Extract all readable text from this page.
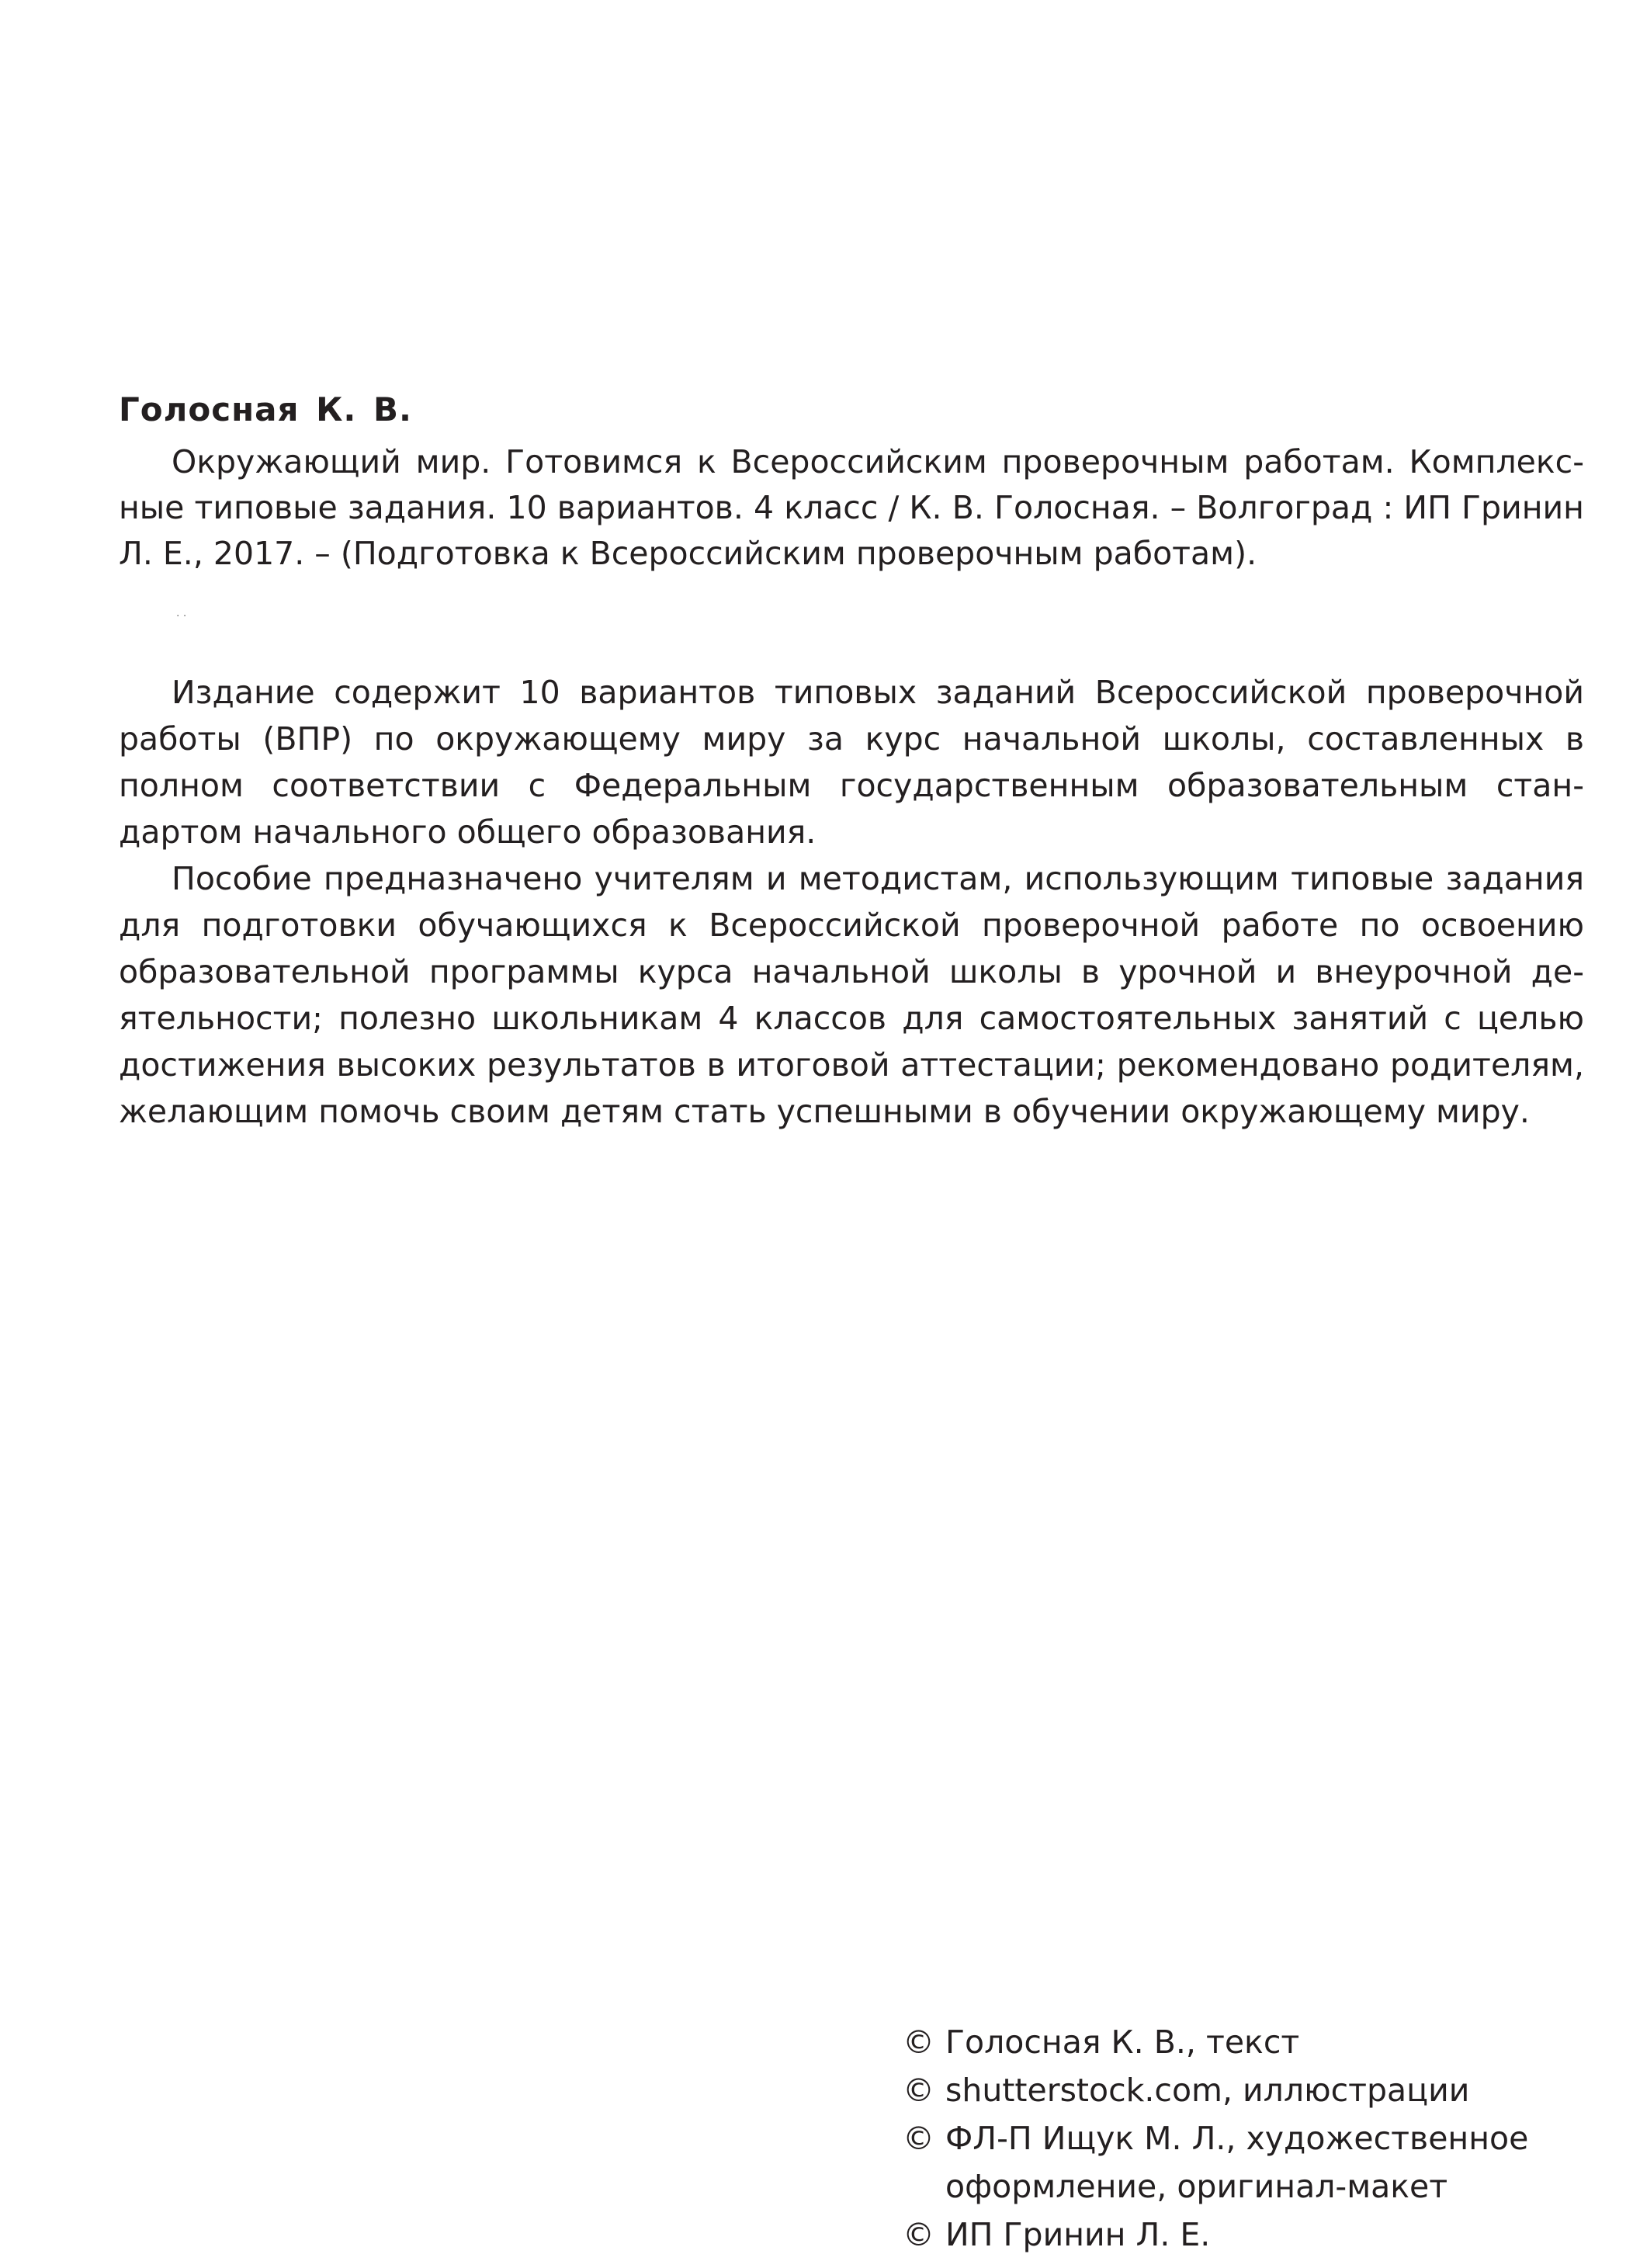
Голосная К. В.
Окружающий мир. Готовимся к Всероссийским проверочным работам. Комплексные типовые задания. 10 вариантов. 4 класс / К. В. Голосная. – Волгоград : ИП Гринин Л. Е., 2017. – (Подготовка к Всероссийским проверочным работам).
· ·

Издание содержит 10 вариантов типовых заданий Всероссийской проверочной работы (ВПР) по окружающему миру за курс начальной школы, составленных в полном соответствии с Федеральным государственным образовательным стандартом начального общего образования.

Пособие предназначено учителям и методистам, использующим типовые задания для подготовки обучающихся к Всероссийской проверочной работе по освоению образовательной программы курса начальной школы в урочной и внеурочной деятельности; полезно школьникам 4 классов для самостоятельных занятий с целью достижения высоких результатов в итоговой аттестации; рекомендовано родителям, желающим помочь своим детям стать успешными в обучении окружающему миру.

© Голосная К. В., текст
© shutterstock.com, иллюстрации
© ФЛ-П Ищук М. Л., художественное оформление, оригинал-макет
© ИП Гринин Л. Е.
